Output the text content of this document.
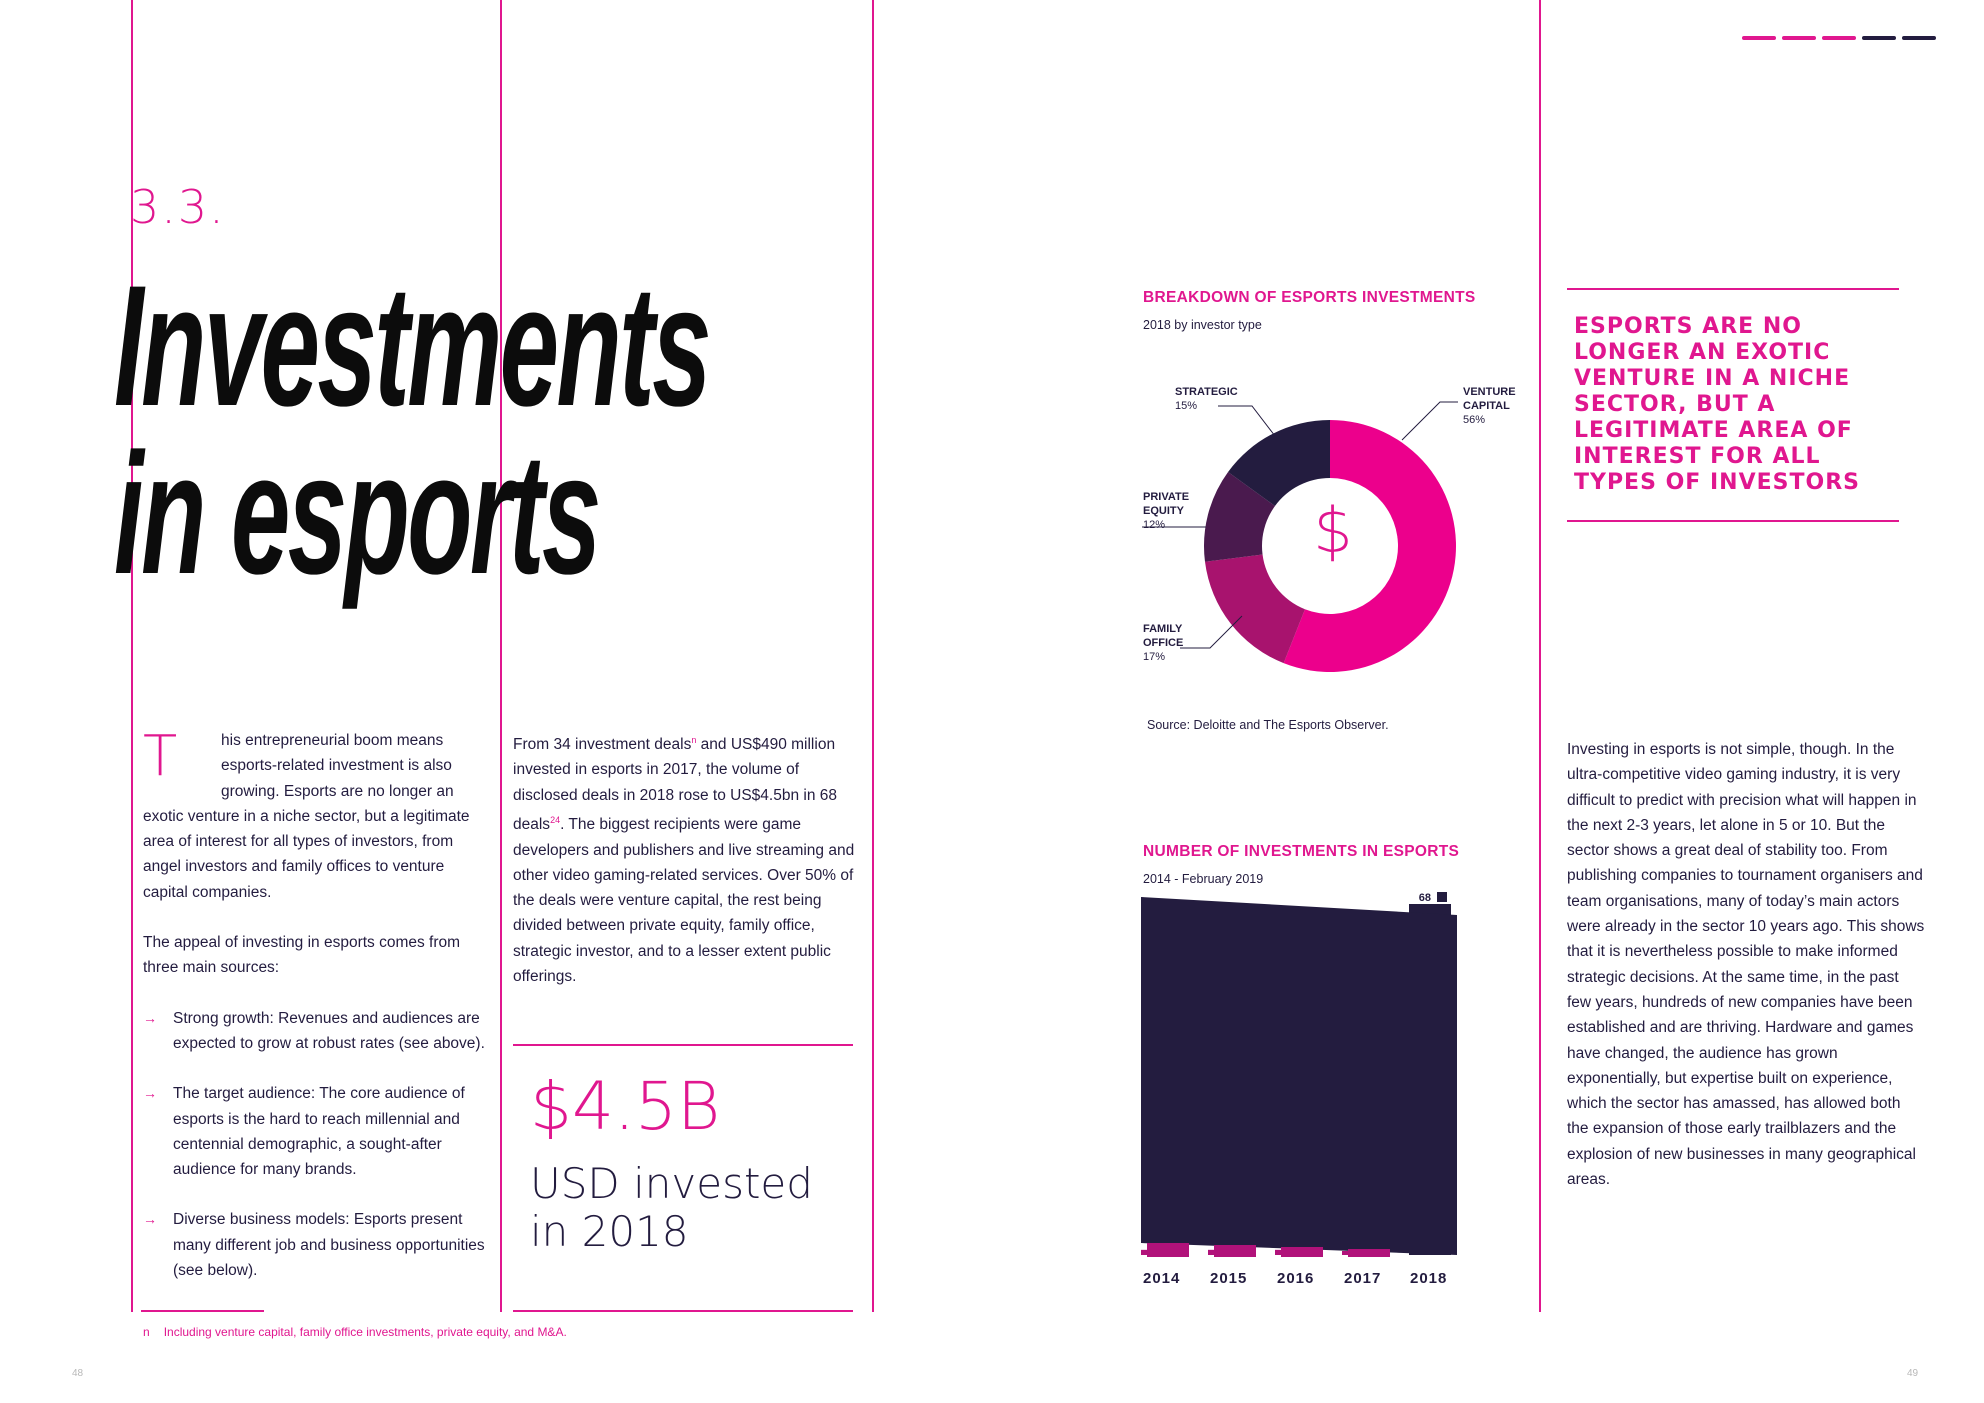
3.3.
Investments
in esports

T	his entrepreneurial boom means esports-related investment is also growing. Esports are no longer an exotic venture in a niche sector, but a legitimate area of interest for all types of investors, from angel investors and family offices to venture capital companies.

The appeal of investing in esports comes from three main sources:

→ Strong growth: Revenues and audiences are expected to grow at robust rates (see above).
→ The target audience: The core audience of esports is the hard to reach millennial and centennial demographic, a sought-after audience for many brands.
→ Diverse business models: Esports present many different job and business opportunities (see below).
From 34 investment deals$^n$ and US$490 million invested in esports in 2017, the volume of disclosed deals in 2018 rose to US$4.5bn in 68 deals$^{24}$. The biggest recipients were game developers and publishers and live streaming and other video gaming-related services. Over 50% of the deals were venture capital, the rest being divided between private equity, family office, strategic investor, and to a lesser extent public offerings.
$4.5B
USD invested
in 2018
BREAKDOWN OF ESPORTS INVESTMENTS
2018 by investor type
STRATEGIC
15%
VENTURE
CAPITAL
56%
PRIVATE
EQUITY
12%
FAMILY
OFFICE
17%
$
Source: Deloitte and The Esports Observer.
NUMBER OF INVESTMENTS IN ESPORTS
2014 - February 2019
68
2014 2015 2016 2017 2018
ESPORTS ARE NO LONGER AN EXOTIC VENTURE IN A NICHE SECTOR, BUT A LEGITIMATE AREA OF INTEREST FOR ALL TYPES OF INVESTORS
Investing in esports is not simple, though. In the ultra-competitive video gaming industry, it is very difficult to predict with precision what will happen in the next 2-3 years, let alone in 5 or 10. But the sector shows a great deal of stability too. From publishing companies to tournament organisers and team organisations, many of today’s main actors were already in the sector 10 years ago. This shows that it is nevertheless possible to make informed strategic decisions. At the same time, in the past few years, hundreds of new companies have been established and are thriving. Hardware and games have changed, the audience has grown exponentially, but expertise built on experience, which the sector has amassed, has allowed both the expansion of those early trailblazers and the explosion of new businesses in many geographical areas.
n Including venture capital, family office investments, private equity, and M&A.
48	49
